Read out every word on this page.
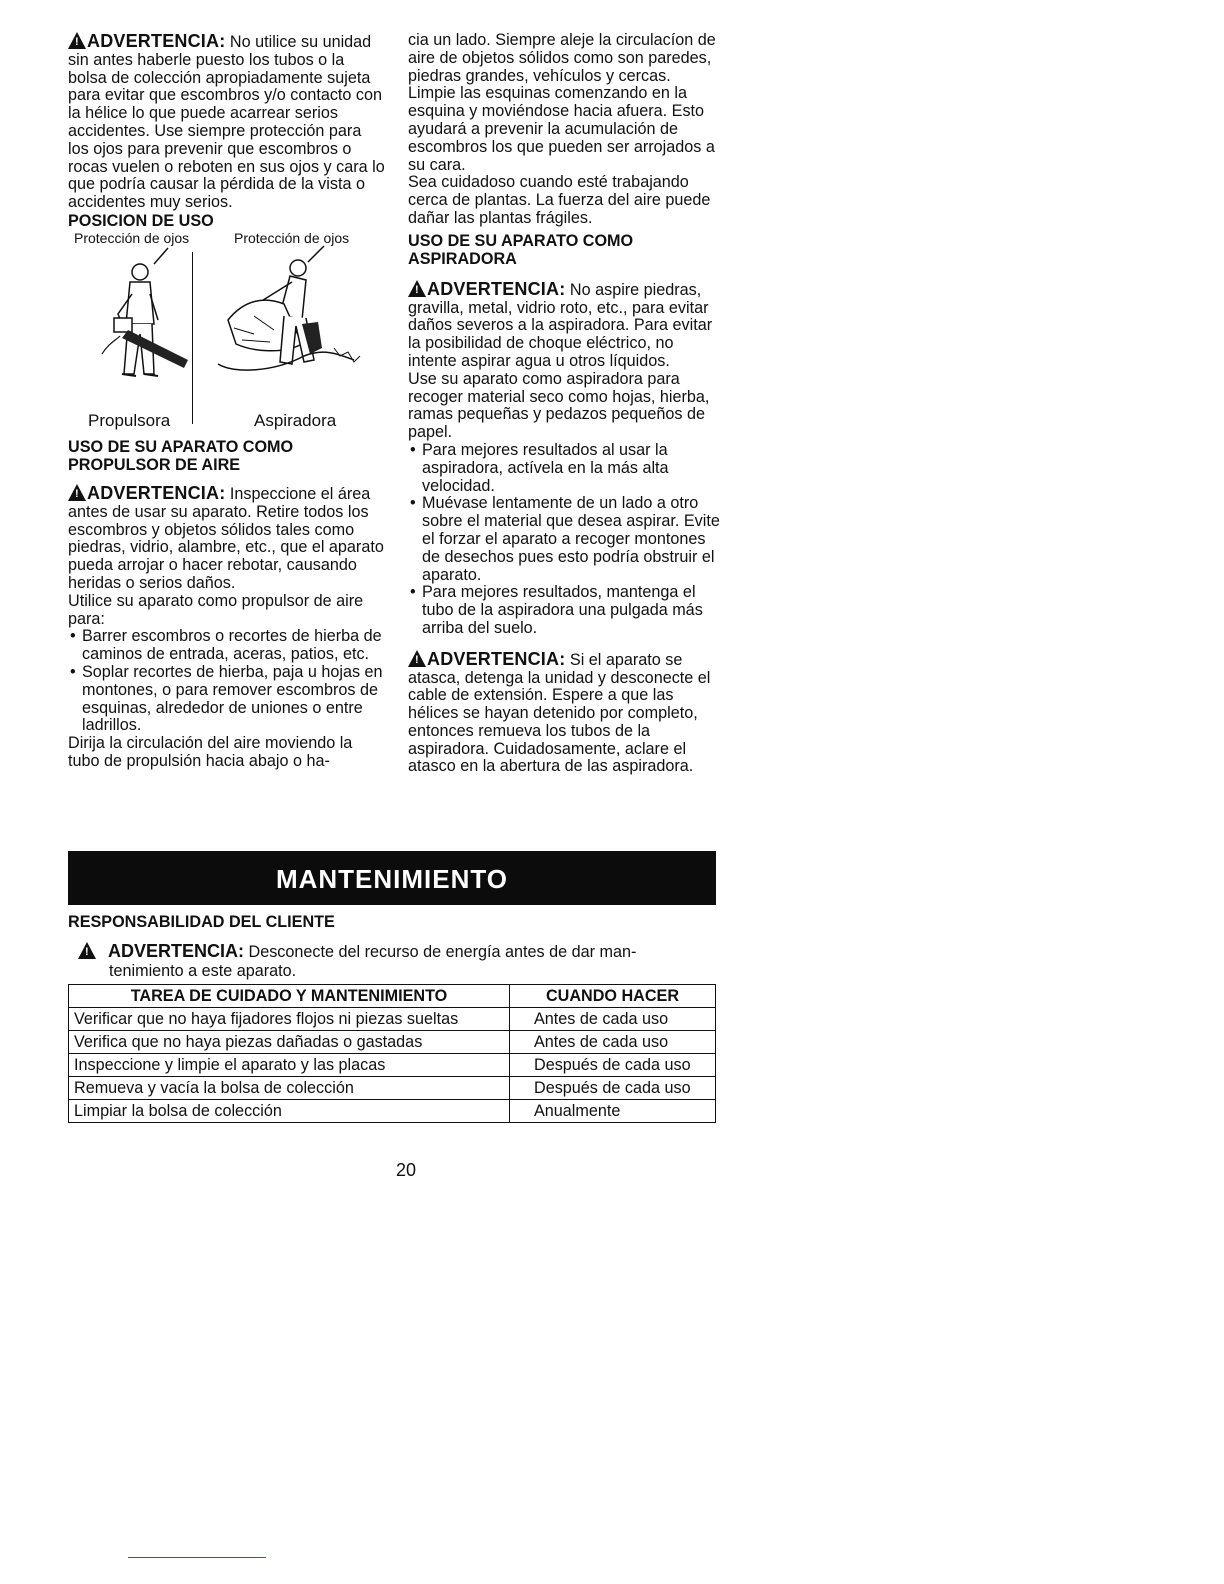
! ADVERTENCIA: No utilice su unidad sin antes haberle puesto los tubos o la bolsa de colección apropiadamente sujeta para evitar que escombros y/o contacto con la hélice lo que puede acarrear serios accidentes. Use siempre protección para los ojos para prevenir que escombros o rocas vuelen o reboten en sus ojos y cara lo que podría causar la pérdida de la vista o accidentes muy serios.

POSICION DE USO

Protección de ojos	Protección de ojos
Propulsora	Aspiradora

USO DE SU APARATO COMO

PROPULSOR DE AIRE

! ADVERTENCIA: Inspeccione el área antes de usar su aparato. Retire todos los escombros y objetos sólidos tales como piedras, vidrio, alambre, etc., que el aparato pueda arrojar o hacer rebotar, causando heridas o serios daños.

Utilice su aparato como propulsor de aire para:

• Barrer escombros o recortes de hierba de caminos de entrada, aceras, patios, etc.
• Soplar recortes de hierba, paja u hojas en montones, o para remover escombros de esquinas, alrededor de uniones o entre ladrillos.

Dirija la circulación del aire moviendo la tubo de propulsión hacia abajo o ha-

cia un lado. Siempre aleje la circulacíon de aire de objetos sólidos como son paredes, piedras grandes, vehículos y cercas.

Limpie las esquinas comenzando en la esquina y moviéndose hacia afuera. Esto ayudará a prevenir la acumulación de escombros los que pueden ser arrojados a su cara.

Sea cuidadoso cuando esté trabajando cerca de plantas. La fuerza del aire puede dañar las plantas frágiles.

USO DE SU APARATO COMO

ASPIRADORA

! ADVERTENCIA: No aspire piedras, gravilla, metal, vidrio roto, etc., para evitar daños severos a la aspiradora. Para evitar la posibilidad de choque eléctrico, no intente aspirar agua u otros líquidos.

Use su aparato como aspiradora para recoger material seco como hojas, hierba, ramas pequeñas y pedazos pequeños de papel.

• Para mejores resultados al usar la aspiradora, actívela en la más alta velocidad.
• Muévase lentamente de un lado a otro sobre el material que desea aspirar. Evite el forzar el aparato a recoger montones de desechos pues esto podría obstruir el aparato.
• Para mejores resultados, mantenga el tubo de la aspiradora una pulgada más arriba del suelo.

! ADVERTENCIA: Si el aparato se atasca, detenga la unidad y desconecte el cable de extensión. Espere a que las hélices se hayan detenido por completo, entonces remueva los tubos de la aspiradora. Cuidadosamente, aclare el atasco en la abertura de las aspiradora.

MANTENIMIENTO
RESPONSABILIDAD DEL CLIENTE
! ADVERTENCIA: Desconecte del recurso de energía antes de dar man-
tenimiento a este aparato.
TAREA DE CUIDADO Y MANTENIMIENTO	CUANDO HACER
Verificar que no haya fijadores flojos ni piezas sueltas	Antes de cada uso
Verifica que no haya piezas dañadas o gastadas	Antes de cada uso
Inspeccione y limpie el aparato y las placas	Después de cada uso
Remueva y vacía la bolsa de colección	Después de cada uso
Limpiar la bolsa de colección	Anualmente
20
